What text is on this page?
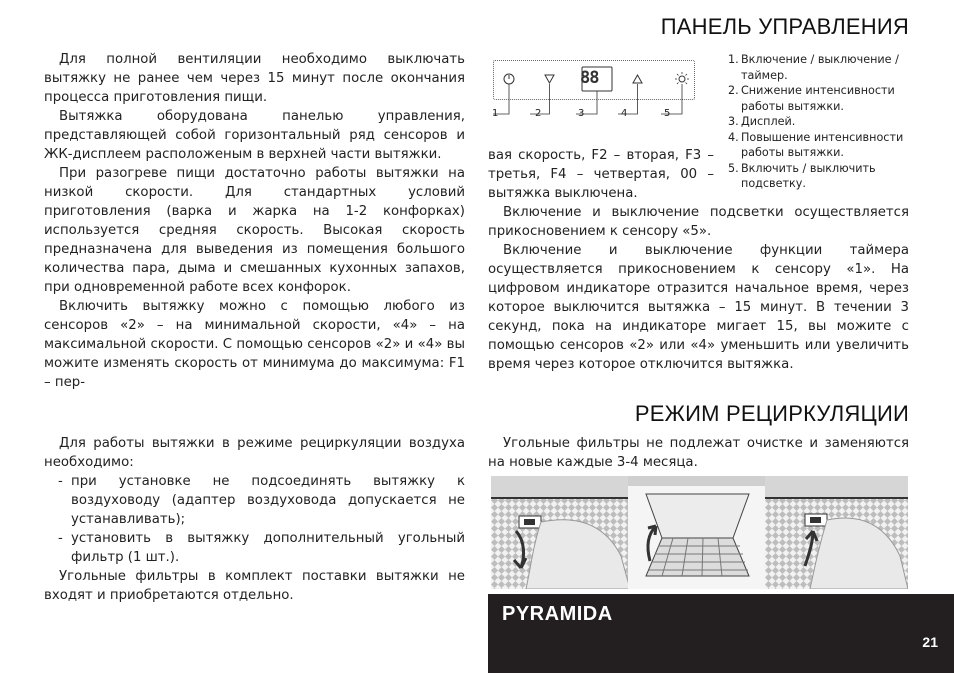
ПАНЕЛЬ УПРАВЛЕНИЯ

Для полной вентиляции необходимо выключать вытяжку не ранее чем через 15 минут после окончания процесса приготовления пищи.

Вытяжка оборудована панелью управления, представляющей собой горизонтальный ряд сенсоров и ЖК-дисплеем расположеным в верхней части вытяжки.

При разогреве пищи достаточно работы вытяжки на низкой скорости. Для стандартных условий приготовления (варка и жарка на 1-2 конфорках) используется средняя скорость. Высокая скорость предназначена для выведения из помещения большого количества пара, дыма и смешанных кухонных запахов, при одновременной работе всех конфорок.

Включить вытяжку можно с помощью любого из сенсоров «2» – на минимальной скорости, «4» – на максимальной скорости. С помощью сенсоров «2» и «4» вы можите изменять скорость от минимума до максимума: F1 – пер-

88
1	2	3	4	5
1. Включение / выключение / таймер.
2. Снижение интенсивности работы вытяжки.
3. Дисплей.
4. Повышение интенсивности работы вытяжки.
5. Включить / выключить подсветку.

вая скорость, F2 – вторая, F3 – третья, F4 – четвертая, 00 – вытяжка выключена.

Включение и выключение подсветки осуществляется прикосновением к сенсору «5».

Включение и выключение функции таймера осуществляется прикосновением к сенсору «1». На цифровом индикаторе отразится начальное время, через которое выключится вытяжка – 15 минут. В течении 3 секунд, пока на индикаторе мигает 15, вы можите с помощью сенсоров «2» или «4» уменьшить или увеличить время через которое отключится вытяжка.

РЕЖИМ РЕЦИРКУЛЯЦИИ

Для работы вытяжки в режиме рециркуляции воздуха необходимо:

- при установке не подсоединять вытяжку к воздуховоду (адаптер воздуховода допускается не устанавливать);
- установить в вытяжку дополнительный угольный фильтр (1 шт.).

Угольные фильтры в комплект поставки вытяжки не входят и приобретаются отдельно.

Угольные фильтры не подлежат очистке и заменяются на новые каждые 3-4 месяца.

PYRAMIDA
21
